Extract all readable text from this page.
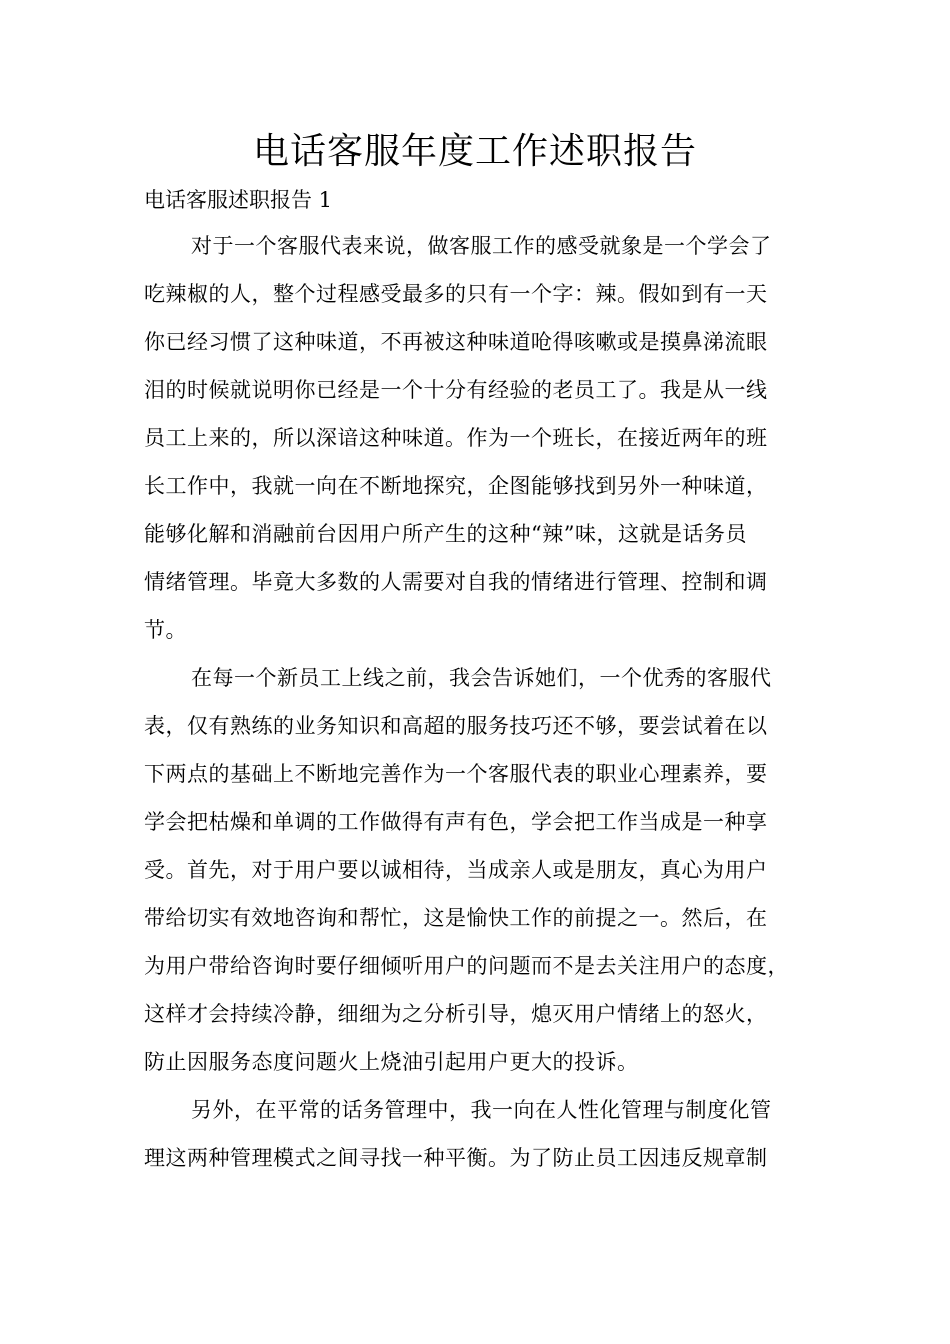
电话客服年度工作述职报告
电话客服述职报告 1
对于一个客服代表来说，做客服工作的感受就象是一个学会了
吃辣椒的人，整个过程感受最多的只有一个字：辣。假如到有一天
你已经习惯了这种味道，不再被这种味道呛得咳嗽或是摸鼻涕流眼
泪的时候就说明你已经是一个十分有经验的老员工了。我是从一线
员工上来的，所以深谙这种味道。作为一个班长，在接近两年的班
长工作中，我就一向在不断地探究，企图能够找到另外一种味道，
能够化解和消融前台因用户所产生的这种“辣”味，这就是话务员
情绪管理。毕竟大多数的人需要对自我的情绪进行管理、控制和调
节。
在每一个新员工上线之前，我会告诉她们，一个优秀的客服代
表，仅有熟练的业务知识和高超的服务技巧还不够，要尝试着在以
下两点的基础上不断地完善作为一个客服代表的职业心理素养，要
学会把枯燥和单调的工作做得有声有色，学会把工作当成是一种享
受。首先，对于用户要以诚相待，当成亲人或是朋友，真心为用户
带给切实有效地咨询和帮忙，这是愉快工作的前提之一。然后，在
为用户带给咨询时要仔细倾听用户的问题而不是去关注用户的态度，
这样才会持续冷静，细细为之分析引导，熄灭用户情绪上的怒火，
防止因服务态度问题火上烧油引起用户更大的投诉。
另外，在平常的话务管理中，我一向在人性化管理与制度化管
理这两种管理模式之间寻找一种平衡。为了防止员工因违反规章制
